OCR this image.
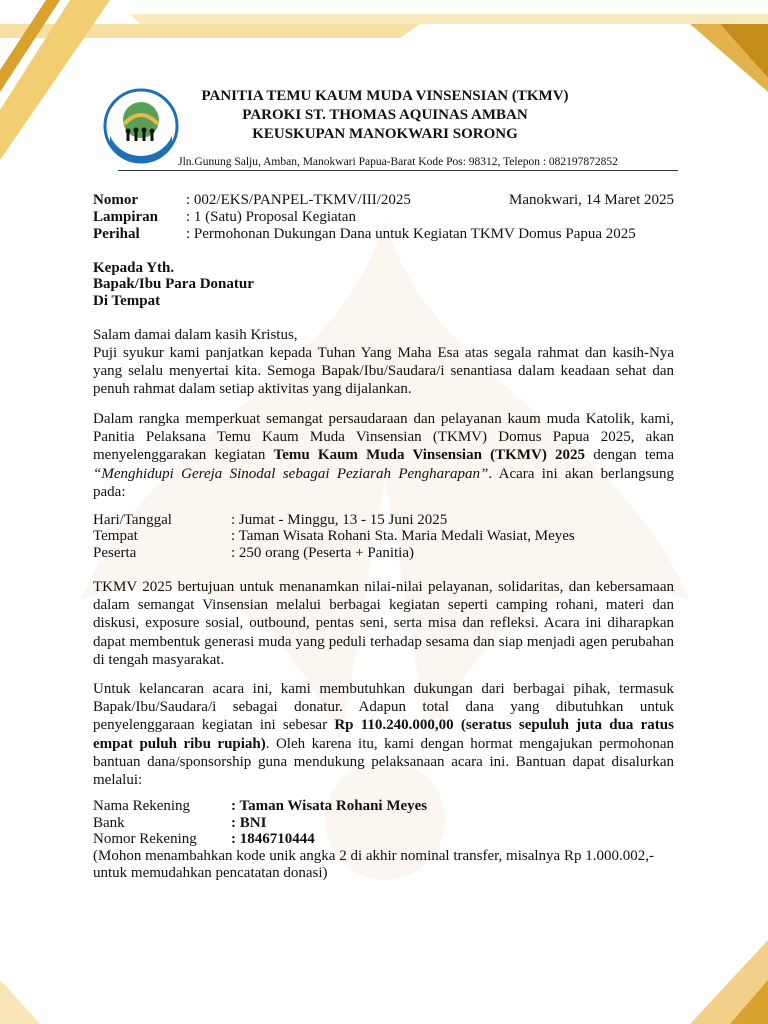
PANITIA TEMU KAUM MUDA VINSENSIAN (TKMV)
PAROKI ST. THOMAS AQUINAS AMBAN
KEUSKUPAN MANOKWARI SORONG
Jln.Gunung Salju, Amban, Manokwari Papua-Barat Kode Pos: 98312, Telepon : 082197872852
Nomor	: 002/EKS/PANPEL-TKMV/III/2025	Manokwari, 14 Maret 2025
Lampiran : 1 (Satu) Proposal Kegiatan
Perihal	: Permohonan Dukungan Dana untuk Kegiatan TKMV Domus Papua 2025
Kepada Yth.
Bapak/Ibu Para Donatur
Di Tempat
Salam damai dalam kasih Kristus,
Puji syukur kami panjatkan kepada Tuhan Yang Maha Esa atas segala rahmat dan kasih-Nya yang selalu menyertai kita. Semoga Bapak/Ibu/Saudara/i senantiasa dalam keadaan sehat dan penuh rahmat dalam setiap aktivitas yang dijalankan.
Dalam rangka memperkuat semangat persaudaraan dan pelayanan kaum muda Katolik, kami, Panitia Pelaksana Temu Kaum Muda Vinsensian (TKMV) Domus Papua 2025, akan menyelenggarakan kegiatan Temu Kaum Muda Vinsensian (TKMV) 2025 dengan tema “Menghidupi Gereja Sinodal sebagai Peziarah Pengharapan”. Acara ini akan berlangsung pada:
Hari/Tanggal	: Jumat - Minggu, 13 - 15 Juni 2025
Tempat	: Taman Wisata Rohani Sta. Maria Medali Wasiat, Meyes
Peserta	: 250 orang (Peserta + Panitia)
TKMV 2025 bertujuan untuk menanamkan nilai-nilai pelayanan, solidaritas, dan kebersamaan dalam semangat Vinsensian melalui berbagai kegiatan seperti camping rohani, materi dan diskusi, exposure sosial, outbound, pentas seni, serta misa dan refleksi. Acara ini diharapkan dapat membentuk generasi muda yang peduli terhadap sesama dan siap menjadi agen perubahan di tengah masyarakat.
Untuk kelancaran acara ini, kami membutuhkan dukungan dari berbagai pihak, termasuk Bapak/Ibu/Saudara/i sebagai donatur. Adapun total dana yang dibutuhkan untuk penyelenggaraan kegiatan ini sebesar Rp 110.240.000,00 (seratus sepuluh juta dua ratus empat puluh ribu rupiah). Oleh karena itu, kami dengan hormat mengajukan permohonan bantuan dana/sponsorship guna mendukung pelaksanaan acara ini. Bantuan dapat disalurkan melalui:
Nama Rekening	: Taman Wisata Rohani Meyes
Bank	: BNI
Nomor Rekening : 1846710444
(Mohon menambahkan kode unik angka 2 di akhir nominal transfer, misalnya Rp 1.000.002,- untuk memudahkan pencatatan donasi)
